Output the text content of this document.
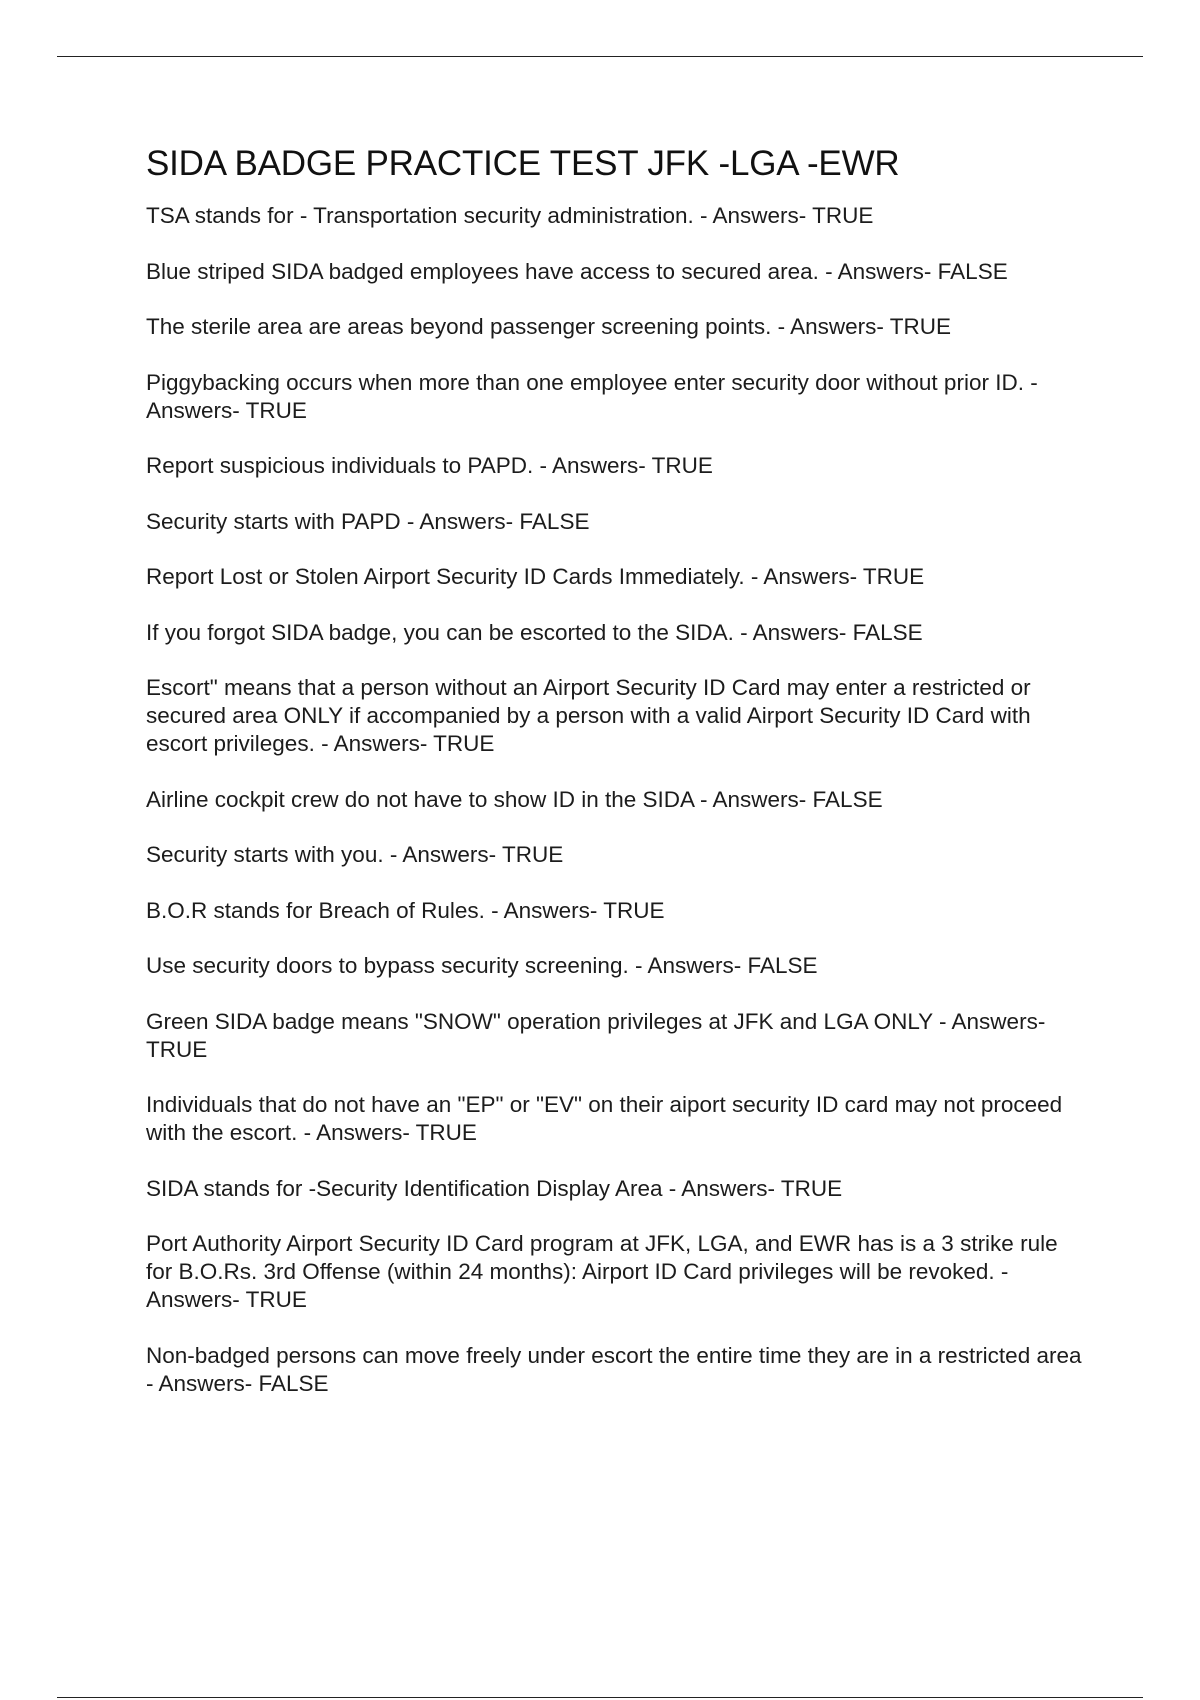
SIDA BADGE PRACTICE TEST JFK -LGA -EWR
TSA stands for - Transportation security administration. - Answers- TRUE
Blue striped SIDA badged employees have access to secured area. - Answers- FALSE
The sterile area are areas beyond passenger screening points. - Answers- TRUE
Piggybacking occurs when more than one employee enter security door without prior ID. - Answers- TRUE
Report suspicious individuals to PAPD. - Answers- TRUE
Security starts with PAPD - Answers- FALSE
Report Lost or Stolen Airport Security ID Cards Immediately. - Answers- TRUE
If you forgot SIDA badge, you can be escorted to the SIDA. - Answers- FALSE
Escort" means that a person without an Airport Security ID Card may enter a restricted or secured area ONLY if accompanied by a person with a valid Airport Security ID Card with escort privileges. - Answers- TRUE
Airline cockpit crew do not have to show ID in the SIDA - Answers- FALSE
Security starts with you. - Answers- TRUE
B.O.R stands for Breach of Rules. - Answers- TRUE
Use security doors to bypass security screening. - Answers- FALSE
Green SIDA badge means "SNOW" operation privileges at JFK and LGA ONLY - Answers- TRUE
Individuals that do not have an "EP" or "EV" on their aiport security ID card may not proceed with the escort. - Answers- TRUE
SIDA stands for -Security Identification Display Area - Answers- TRUE
Port Authority Airport Security ID Card program at JFK, LGA, and EWR has is a 3 strike rule for B.O.Rs. 3rd Offense (within 24 months): Airport ID Card privileges will be revoked. - Answers- TRUE
Non-badged persons can move freely under escort the entire time they are in a restricted area - Answers- FALSE
